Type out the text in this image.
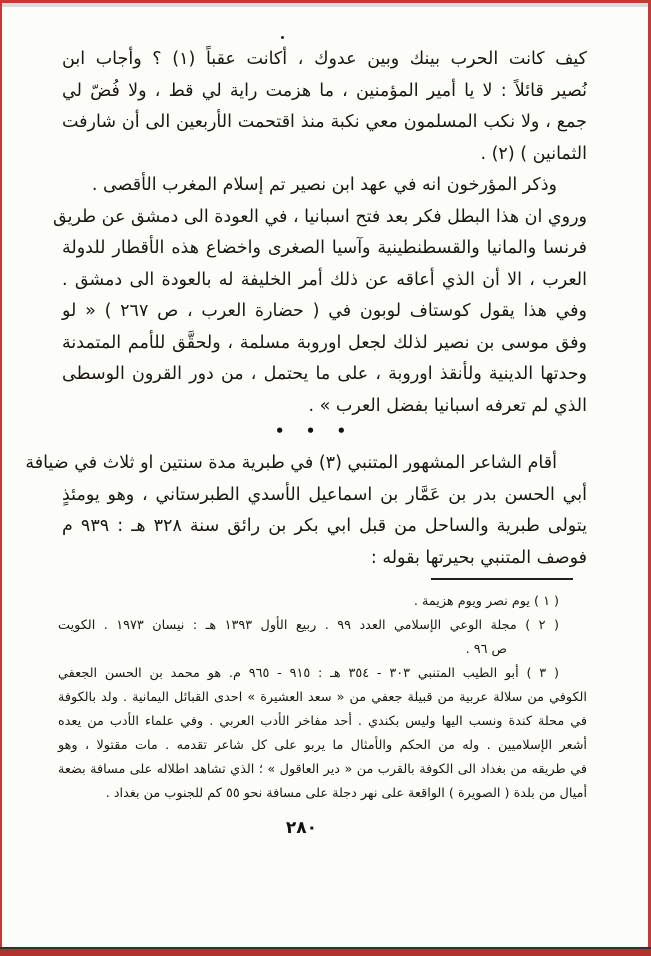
كيف كانت الحرب بينك وبين عدوك ، أكانت عقباً (١) ؟ وأجاب ابن
نُصير قائلاً : لا يا أمير المؤمنين ، ما هزمت راية لي قط ، ولا فُضّ لي
جمع ، ولا نكب المسلمون معي نكبة منذ اقتحمت الأربعين الى أن شارفت
الثمانين ) (٢) .
وذكر المؤرخون انه في عهد ابن نصير تم إسلام المغرب الأقصى .
وروي ان هذا البطل فكر بعد فتح اسبانيا ، في العودة الى دمشق عن طريق
فرنسا والمانيا والقسطنطينية وآسيا الصغرى واخضاع هذه الأقطار للدولة
العرب ، الا أن الذي أعاقه عن ذلك أمر الخليفة له بالعودة الى دمشق .
وفي هذا يقول كوستاف لوبون في ( حضارة العرب ، ص ٢٦٧ ) « لو
وفق موسى بن نصير لذلك لجعل اوروبة مسلمة ، ولحقَّق للأمم المتمدنة
وحدتها الدينية ولأنقذ اوروبة ، على ما يحتمل ، من دور القرون الوسطى
الذي لم تعرفه اسبانيا بفضل العرب » .
• • •
أقام الشاعر المشهور المتنبي (٣) في طبرية مدة سنتين او ثلاث في ضيافة
أبي الحسن بدر بن عَمَّار بن اسماعيل الأسدي الطبرستاني ، وهو يومئذٍ
يتولى طبرية والساحل من قبل ابي بكر بن رائق سنة ٣٢٨ هـ : ٩٣٩ م
فوصف المتنبي بحيرتها بقوله :
( ١ ) يوم نصر ويوم هزيمة .
( ٢ ) مجلة الوعي الإسلامي العدد ٩٩ . ربيع الأول ١٣٩٣ هـ : نيسان ١٩٧٣ . الكويت
ص ٩٦ .
( ٣ ) أبو الطيب المتنبي ٣٠٣ - ٣٥٤ هـ : ٩١٥ - ٩٦٥ م. هو محمد بن الحسن الجعفي
الكوفي من سلالة عربية من قبيلة جعفي من « سعد العشيرة » احدى القبائل اليمانية . ولد بالكوفة
في محلة كندة ونسب اليها وليس بكندي . أحد مفاخر الأدب العربي . وفي علماء الأدب من يعده
أشعر الإسلاميين . وله من الحكم والأمثال ما يربو على كل شاعر تقدمه . مات مقتولا ، وهو
في طريقه من بغداد الى الكوفة بالقرب من « دير العاقول » ؛ الذي تشاهد اطلاله على مسافة بضعة
أميال من بلدة ( الصويرة ) الواقعة على نهر دجلة على مسافة نحو ٥٥ كم للجنوب من بغداد .
٢٨٠
